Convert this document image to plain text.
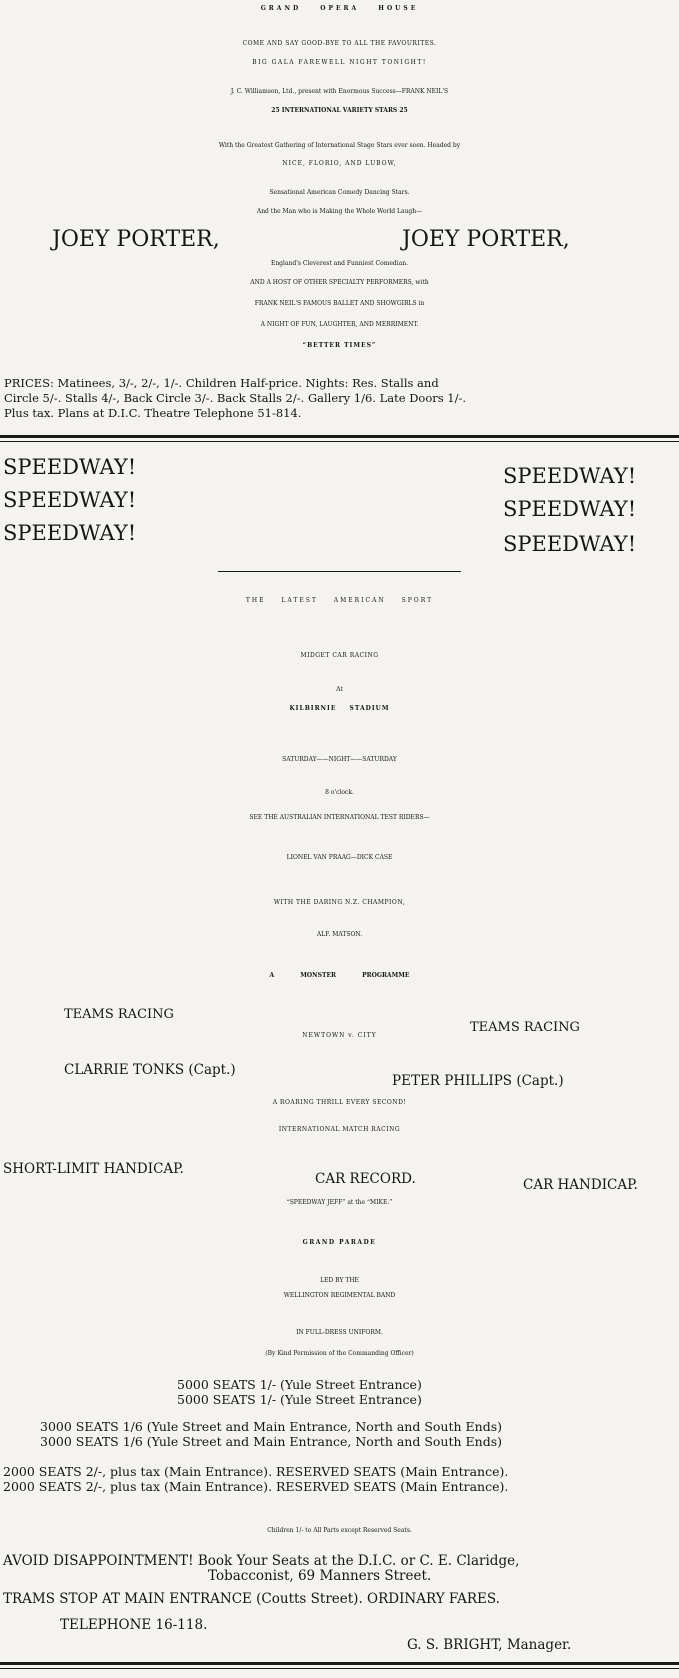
GRAND OPERA HOUSE
COME AND SAY GOOD-BYE TO ALL THE FAVOURITES.
BIG GALA FAREWELL NIGHT TONIGHT!
J. C. Williamson, Ltd., present with Enormous Success—FRANK NEIL'S
25 INTERNATIONAL VARIETY STARS 25
With the Greatest Gathering of International Stage Stars ever seen. Headed by
NICE, FLORIO, AND LUBOW,
Sensational American Comedy Dancing Stars.
And the Man who is Making the Whole World Laugh—
JOEY PORTER,	JOEY PORTER,
England's Cleverest and Funniest Comedian.
AND A HOST OF OTHER SPECIALTY PERFORMERS, with
FRANK NEIL'S FAMOUS BALLET AND SHOWGIRLS in
A NIGHT OF FUN, LAUGHTER, AND MERRIMENT.
“BETTER TIMES”
PRICES: Matinees, 3/-, 2/-, 1/-. Children Half-price. Nights: Res. Stalls and
Circle 5/-. Stalls 4/-, Back Circle 3/-. Back Stalls 2/-. Gallery 1/6. Late Doors 1/-.
Plus tax. Plans at D.I.C. Theatre Telephone 51-814.
SPEEDWAY!
SPEEDWAY!
SPEEDWAY!
SPEEDWAY!
SPEEDWAY!
SPEEDWAY!
THE LATEST AMERICAN SPORT
MIDGET CAR RACING
At
KILBIRNIE STADIUM
SATURDAY——NIGHT——SATURDAY
8 o'clock.
SEE THE AUSTRALIAN INTERNATIONAL TEST RIDERS—
LIONEL VAN PRAAG—DICK CASE
WITH THE DARING N.Z. CHAMPION,
ALF. MATSON.
A MONSTER PROGRAMME
TEAMS RACING
TEAMS RACING
NEWTOWN v. CITY
CLARRIE TONKS (Capt.)
PETER PHILLIPS (Capt.)
A ROARING THRILL EVERY SECOND!
INTERNATIONAL MATCH RACING
SHORT-LIMIT HANDICAP.
CAR RECORD.	CAR HANDICAP.
“SPEEDWAY JEFF” at the “MIKE.”
GRAND PARADE
LED BY THE
WELLINGTON REGIMENTAL BAND
IN FULL-DRESS UNIFORM.
(By Kind Permission of the Commanding Officer)
5000 SEATS 1/- (Yule Street Entrance)
5000 SEATS 1/- (Yule Street Entrance)
3000 SEATS 1/6 (Yule Street and Main Entrance, North and South Ends)
3000 SEATS 1/6 (Yule Street and Main Entrance, North and South Ends)
2000 SEATS 2/-, plus tax (Main Entrance). RESERVED SEATS (Main Entrance).
2000 SEATS 2/-, plus tax (Main Entrance). RESERVED SEATS (Main Entrance).
Children 1/- to All Parts except Reserved Seats.
AVOID DISAPPOINTMENT! Book Your Seats at the D.I.C. or C. E. Claridge,
Tobacconist, 69 Manners Street.
TRAMS STOP AT MAIN ENTRANCE (Coutts Street). ORDINARY FARES.
TELEPHONE 16-118.
G. S. BRIGHT, Manager.
